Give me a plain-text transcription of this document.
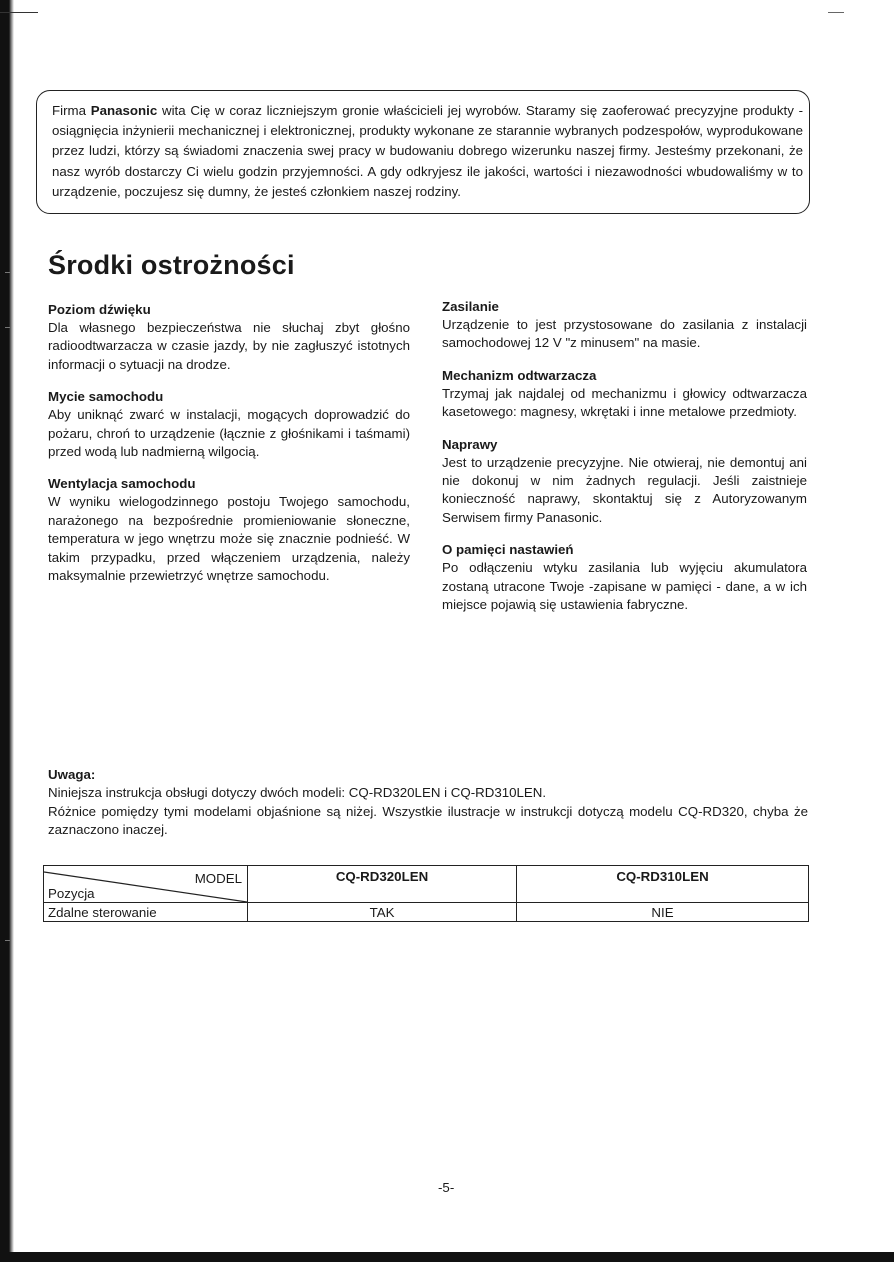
Firma Panasonic wita Cię w coraz liczniejszym gronie właścicieli jej wyrobów. Staramy się zaoferować precyzyjne produkty - osiągnięcia inżynierii mechanicznej i elektronicznej, produkty wykonane ze starannie wybranych podzespołów, wyprodukowane przez ludzi, którzy są świadomi znaczenia swej pracy w budowaniu dobrego wizerunku naszej firmy. Jesteśmy przekonani, że nasz wyrób dostarczy Ci wielu godzin przyjemności. A gdy odkryjesz ile jakości, wartości i niezawodności wbudowaliśmy w to urządzenie, poczujesz się dumny, że jesteś członkiem naszej rodziny.

Środki ostrożności
Poziom dźwięku

Dla własnego bezpieczeństwa nie słuchaj zbyt głośno radioodtwarzacza w czasie jazdy, by nie zagłuszyć istotnych informacji o sytuacji na drodze.

Mycie samochodu

Aby uniknąć zwarć w instalacji, mogących doprowadzić do pożaru, chroń to urządzenie (łącznie z głośnikami i taśmami) przed wodą lub nadmierną wilgocią.

Wentylacja samochodu

W wyniku wielogodzinnego postoju Twojego samochodu, narażonego na bezpośrednie promieniowanie słoneczne, temperatura w jego wnętrzu może się znacznie podnieść. W takim przypadku, przed włączeniem urządzenia, należy maksymalnie przewietrzyć wnętrze samochodu.

Zasilanie

Urządzenie to jest przystosowane do zasilania z instalacji samochodowej 12 V "z minusem" na masie.

Mechanizm odtwarzacza

Trzymaj jak najdalej od mechanizmu i głowicy odtwarzacza kasetowego: magnesy, wkrętaki i inne metalowe przedmioty.

Naprawy

Jest to urządzenie precyzyjne. Nie otwieraj, nie demontuj ani nie dokonuj w nim żadnych regulacji. Jeśli zaistnieje konieczność naprawy, skontaktuj się z Autoryzowanym Serwisem firmy Panasonic.

O pamięci nastawień

Po odłączeniu wtyku zasilania lub wyjęciu akumulatora zostaną utracone Twoje -zapisane w pamięci - dane, a w ich miejsce pojawią się ustawienia fabryczne.

Uwaga:

Niniejsza instrukcja obsługi dotyczy dwóch modeli: CQ-RD320LEN i CQ-RD310LEN.

Różnice pomiędzy tymi modelami objaśnione są niżej. Wszystkie ilustracje w instrukcji dotyczą modelu CQ-RD320, chyba że zaznaczono inaczej.

MODEL
Pozycja	CQ-RD320LEN	CQ-RD310LEN
Zdalne sterowanie	TAK	NIE
-5-
